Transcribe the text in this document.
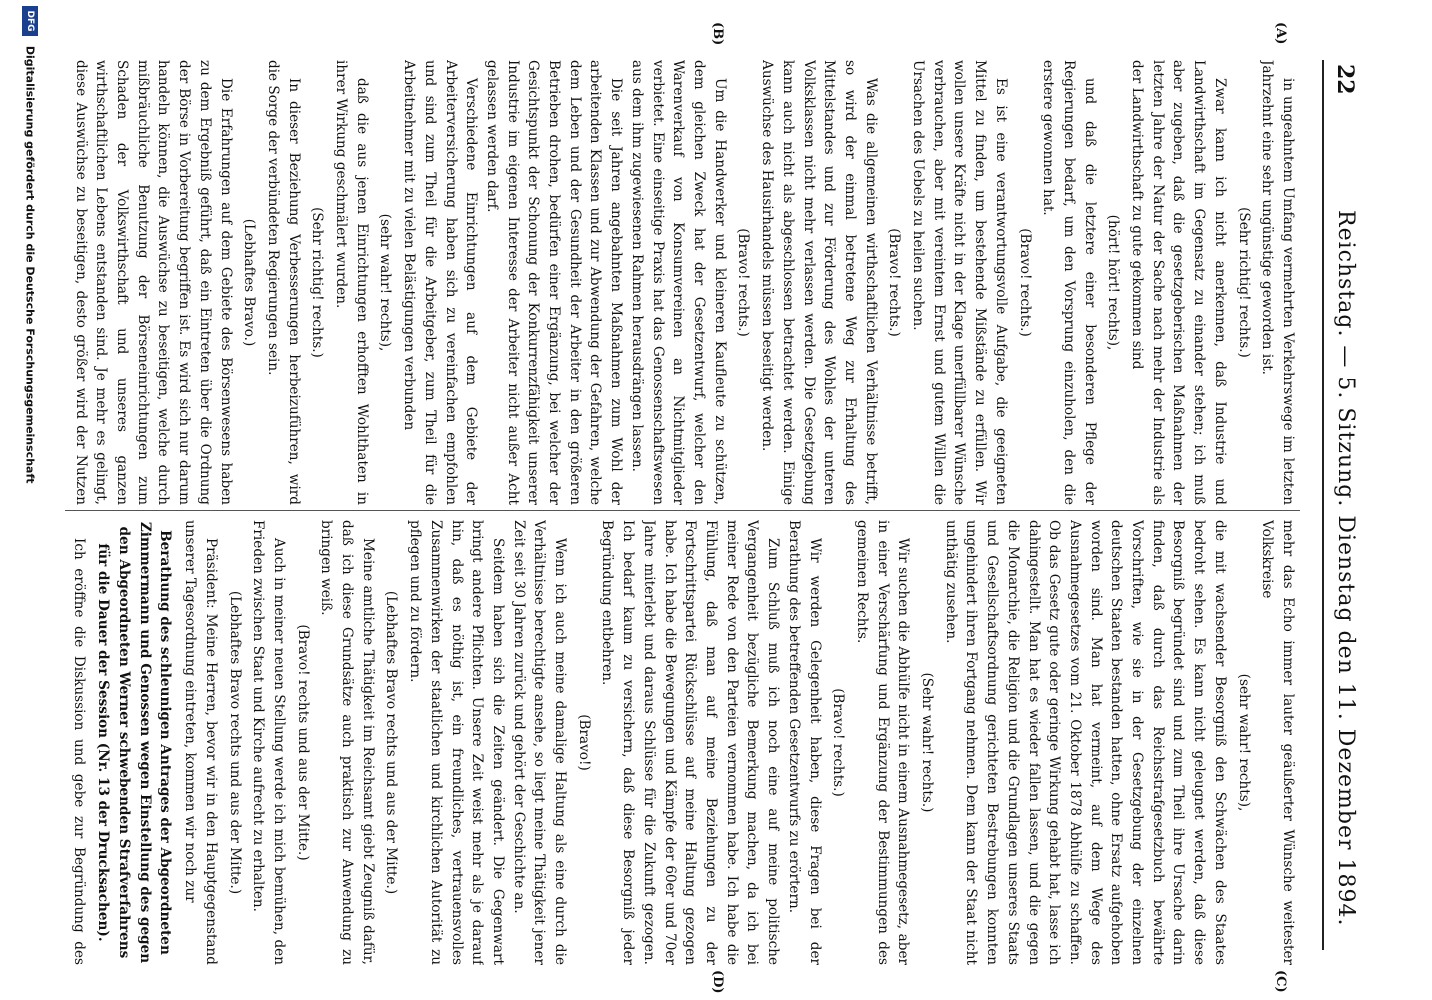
22
Reichstag. — 5. Sitzung. Dienstag den 11. Dezember 1894.
(A)
(B)
(C)
(D)

in ungeahntem Umfang vermehrten Verkehrswege im letzten Jahrzehnt eine sehr ungünstige geworden ist.

(Sehr richtig! rechts.)

Zwar kann ich nicht anerkennen, daß Industrie und Landwirthschaft im Gegensatz zu einander stehen; ich muß aber zugeben, daß die gesetzgeberischen Maßnahmen der letzten Jahre der Natur der Sache nach mehr der Industrie als der Landwirthschaft zu gute gekommen sind

(hört! hört! rechts),

und daß die letztere einer besonderen Pflege der Regierungen bedarf, um den Vorsprung einzuholen, den die erstere gewonnen hat.

(Bravo! rechts.)

Es ist eine verantwortungsvolle Aufgabe, die geeigneten Mittel zu finden, um bestehende Mißstände zu erfüllen. Wir wollen unsere Kräfte nicht in der Klage unerfüllbarer Wünsche verbrauchen, aber mit vereintem Ernst und gutem Willen die Ursachen des Uebels zu heilen suchen.

(Bravo! rechts.)

Was die allgemeinen wirthschaftlichen Verhältnisse betrifft, so wird der einmal betretene Weg zur Erhaltung des Mittelstandes und zur Förderung des Wohles der unteren Volksklassen nicht mehr verlassen werden. Die Gesetzgebung kann auch nicht als abgeschlossen betrachtet werden. Einige Auswüchse des Hausirhandels müssen beseitigt werden.

(Bravo! rechts.)

Um die Handwerker und kleineren Kaufleute zu schützen, dem gleichen Zweck hat der Gesetzentwurf, welcher den Warenverkauf von Konsumvereinen an Nichtmitglieder verbietet. Eine einseitige Praxis hat das Genossenschaftswesen aus dem ihm zugewiesenen Rahmen herausdrängen lassen.

Die seit Jahren angebahnten Maßnahmen zum Wohl der arbeitenden Klassen und zur Abwendung der Gefahren, welche dem Leben und der Gesundheit der Arbeiter in den größeren Betrieben drohen, bedürfen einer Ergänzung, bei welcher der Gesichtspunkt der Schonung der Konkurrenzfähigkeit unserer Industrie im eigenen Interesse der Arbeiter nicht außer Acht gelassen werden darf.

Verschiedene Einrichtungen auf dem Gebiete der Arbeiterversicherung haben sich zu vereinfachen empfohlen und sind zum Theil für die Arbeitgeber, zum Theil für die Arbeitnehmer mit zu vielen Belästigungen verbunden

(sehr wahr! rechts),

daß die aus jenen Einrichtungen erhofften Wohlthaten in ihrer Wirkung geschmälert wurden.

(Sehr richtig! rechts.)

In dieser Beziehung Verbesserungen herbeizuführen, wird die Sorge der verbündeten Regierungen sein.

(Lebhaftes Bravo.)

Die Erfahrungen auf dem Gebiete des Börsenwesens haben zu dem Ergebniß geführt, daß ein Eintreten über die Ordnung der Börse in Vorbereitung begriffen ist. Es wird sich nur darum handeln können, die Auswüchse zu beseitigen, welche durch mißbräuchliche Benutzung der Börseneinrichtungen zum Schaden der Volkswirthschaft und unseres ganzen wirthschaftlichen Lebens entstanden sind. Je mehr es gelingt, diese Auswüchse zu beseitigen, desto größer wird der Nutzen

mehr das Echo immer lauter geäußerter Wünsche weitester Volkskreise

(sehr wahr! rechts),

die mit wachsender Besorgniß den Schwächen des Staates bedroht sehen. Es kann nicht geleugnet werden, daß diese Besorgniß begründet sind und zum Theil ihre Ursache darin finden, daß durch das Reichsstrafgesetzbuch bewährte Vorschriften, wie sie in der Gesetzgebung der einzelnen deutschen Staaten bestanden hatten, ohne Ersatz aufgehoben worden sind. Man hat vermeint, auf dem Wege des Ausnahmegesetzes vom 21. Oktober 1878 Abhülfe zu schaffen. Ob das Gesetz gute oder geringe Wirkung gehabt hat, lasse ich dahingestellt. Man hat es wieder fallen lassen, und die gegen die Monarchie, die Religion und die Grundlagen unseres Staats und Gesellschaftsordnung gerichteten Bestrebungen konnten ungehindert ihren Fortgang nehmen. Dem kann der Staat nicht unthätig zusehen.

(Sehr wahr! rechts.)

Wir suchen die Abhülfe nicht in einem Ausnahmegesetz, aber in einer Verschärfung und Ergänzung der Bestimmungen des gemeinen Rechts.

(Bravo! rechts.)

Wir werden Gelegenheit haben, diese Fragen bei der Berathung des betreffenden Gesetzentwurfs zu erörtern.

Zum Schluß muß ich noch eine auf meine politische Vergangenheit bezügliche Bemerkung machen, da ich bei meiner Rede von den Parteien vernommen habe. Ich habe die Fühlung, daß man auf meine Beziehungen zu der Fortschrittspartei Rückschlüsse auf meine Haltung gezogen habe. Ich habe die Bewegungen und Kämpfe der 60er und 70er Jahre miterlebt und daraus Schlüsse für die Zukunft gezogen. Ich bedarf kaum zu versichern, daß diese Besorgniß jeder Begründung entbehren.

(Bravo!)

Wenn ich auch meine damalige Haltung als eine durch die Verhältnisse berechtigte ansehe, so liegt meine Thätigkeit jener Zeit seit 30 Jahren zurück und gehört der Geschichte an.

Seitdem haben sich die Zeiten geändert. Die Gegenwart bringt andere Pflichten. Unsere Zeit weist mehr als je darauf hin, daß es nöthig ist, ein freundliches, vertrauensvolles Zusammenwirken der staatlichen und kirchlichen Autorität zu pflegen und zu fördern.

(Lebhaftes Bravo rechts und aus der Mitte.)

Meine amtliche Thätigkeit im Reichsamt giebt Zeugniß dafür, daß ich diese Grundsätze auch praktisch zur Anwendung zu bringen weiß.

(Bravo! rechts und aus der Mitte.)

Auch in meiner neuen Stellung werde ich mich bemühen, den Frieden zwischen Staat und Kirche aufrecht zu erhalten.

(Lebhaftes Bravo rechts und aus der Mitte.)

Präsident: Meine Herren, bevor wir in den Hauptgegenstand unserer Tagesordnung eintreten, kommen wir noch zur

Berathung des schleunigen Antrages der Abgeordneten Zimmermann und Genossen wegen Einstellung des gegen den Abgeordneten Werner schwebenden Strafverfahrens für die Dauer der Session (Nr. 13 der Drucksachen).

Ich eröffne die Diskussion und gebe zur Begründung des

DFG Digitalisierung gefördert durch die Deutsche Forschungsgemeinschaft
